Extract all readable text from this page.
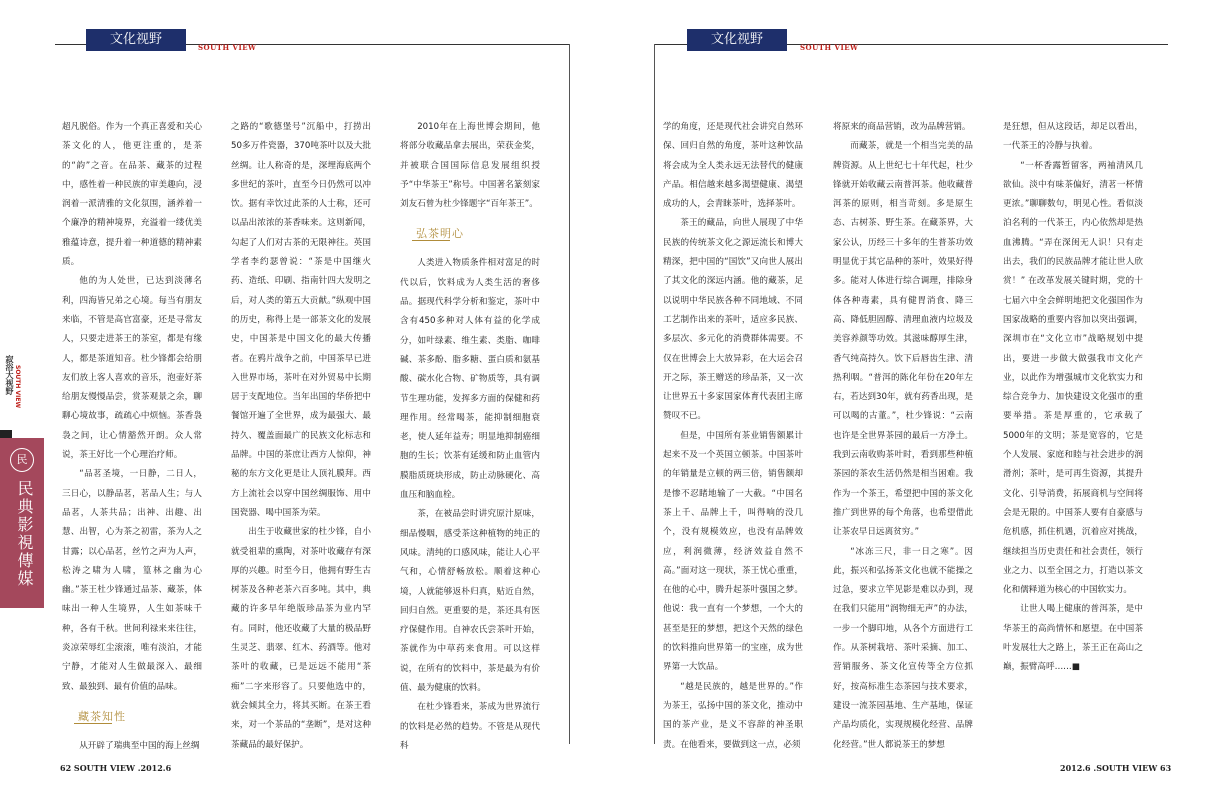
文化视野
SOUTH VIEW
寂浴大视野 SOUTH VIEW
民
民典影視傳媒

超凡脱俗。作为一个真正喜爱和关心茶文化的人，他更注重的，是茶的“韵”之音。在品茶、藏茶的过程中，感性着一种民族的审美趣向，浸润着一派清雅的文化氛围，涵养着一个廉净的精神境界，充溢着一缕优美雅蕴诗意，提升着一种道德的精神素质。

他的为人处世，已达到淡薄名利，四海皆兄弟之心境。每当有朋友来临，不管是高官富豪，还是寻常友人，只要走进茶王的茶室，都是有缘人，都是茶道知音。杜少锋都会给朋友们放上客人喜欢的音乐，泡壶好茶给朋友慢慢品尝，赏茶观景之余，聊聊心境故事，疏疏心中烦恼。茶香袅袅之间，让心情豁然开朗。众人常说，茶王好比一个心理治疗师。

“品茗圣境，一日静，二日人，三日心，以静品茗，茗品人生；与人品茗，人茶共品；出神、出趣、出慧、出智，心为茶之初雷，茶为人之甘露；以心品茗，丝竹之声为人声，松涛之啸为人啸，篁林之幽为心幽。”茶王杜少锋通过品茶、藏茶，体味出一种人生境界，人生如茶味千种，各有千秋。世间利禄来来往往，炎凉荣辱红尘滚滚，唯有淡泊，才能宁静，才能对人生做最深入、最细致、最独到、最有价值的品味。

藏茶知性

从开辟了瑞典至中国的海上丝绸

之路的“歌德堡号”沉船中，打捞出50多万件瓷器，370吨茶叶以及大批丝绸。让人称奇的是，深埋海底两个多世纪的茶叶，直至今日仍然可以冲饮。据有幸饮过此茶的人士称，还可以品出浓浓的茶香味来。这则新闻，勾起了人们对古茶的无限神往。英国学者李约瑟曾说：“茶是中国继火药、造纸、印刷、指南针四大发明之后，对人类的第五大贡献。”纵观中国的历史，称得上是一部茶文化的发展史，中国茶是中国文化的最大传播者。在鸦片战争之前，中国茶早已进入世界市场，茶叶在对外贸易中长期居于支配地位。当年出国的华侨把中餐馆开遍了全世界，成为最强大、最持久、覆盖面最广的民族文化标志和品牌。中国的茶庶让西方人惊仰，神秘的东方文化更是让人顶礼膜拜。西方上流社会以穿中国丝绸服饰、用中国瓷器、喝中国茶为荣。

出生于收藏世家的杜少锋，自小就受祖辈的熏陶，对茶叶收藏存有深厚的兴趣。时至今日，他拥有野生古树茶及各种老茶六百多吨。其中，典藏的许多早年绝版珍品茶为业内罕有。同时，他还收藏了大量的极品野生灵芝、翡翠、红木、药酒等。他对茶叶的收藏，已是远远不能用“茶痴”二字来形容了。只要他选中的，就会倾其全力，将其买断。在茶王看来，对一个茶品的“垄断”，是对这种茶藏品的最好保护。

2010年在上海世博会期间，他将部分收藏品拿去展出，荣获金奖，并被联合国国际信息发展组织授予“中华茶王”称号。中国著名篆刻家刘友石曾为杜少锋题字“百年茶王”。

弘茶明心

人类进入物质条件相对富足的时代以后，饮料成为人类生活的奢侈品。据现代科学分析和鉴定，茶叶中含有450多种对人体有益的化学成分，如叶绿素、维生素、类脂、咖啡碱、茶多酚、脂多糖、蛋白质和氨基酸、碳水化合物、矿物质等，具有调节生理功能，发挥多方面的保健和药理作用。经常喝茶，能抑制细胞衰老，使人延年益寿；明显地抑制癌细胞的生长；饮茶有延缓和防止血管内膜脂质斑块形成，防止动脉硬化、高血压和脑血栓。

茶，在被品尝时讲究原汁原味，细品慢咽，感受茶这种植物的纯正的风味。清纯的口感风味，能让人心平气和，心情舒畅放松。顺着这种心境，人就能够返朴归真，贴近自然，回归自然。更重要的是，茶还具有医疗保健作用。自神农氏尝茶叶开始，茶就作为中草药来食用。可以这样说，在所有的饮料中，茶是最为有价值、最为健康的饮料。

在杜少锋看来，茶成为世界流行的饮料是必然的趋势。不管是从现代科

62 SOUTH VIEW .2012.6
文化视野
SOUTH VIEW

学的角度，还是现代社会讲究自然环保、回归自然的角度，茶叶这种饮品将会成为全人类永远无法替代的健康产品。相信越来越多渴望健康、渴望成功的人，会青睐茶叶，选择茶叶。

茶王的藏品，向世人展现了中华民族的传统茶文化之源远流长和博大精深，把中国的“国饮”又向世人展出了其文化的深远内涵。他的藏茶，足以说明中华民族各种不同地域、不同工艺制作出来的茶叶，适应多民族、多层次、多元化的消费群体需要。不仅在世博会上大放异彩，在大运会召开之际，茶王赠送的珍品茶，又一次让世界五十多家国家体育代表团主席赞叹不已。

但是，中国所有茶业销售额累计起来不及一个英国立顿茶。中国茶叶的年销量是立顿的两三倍，销售额却是惨不忍睹地输了一大截。“中国名茶上千、品牌上千，叫得响的没几个，没有规模效应，也没有品牌效应，利润微薄，经济效益自然不高。”面对这一现状，茶王忧心重重，在他的心中，腾升起茶叶强国之梦。他说：我一直有一个梦想，一个大的甚至是狂的梦想，把这个天然的绿色的饮料推向世界第一的宝座，成为世界第一大饮品。

“越是民族的，越是世界的。”作为茶王，弘扬中国的茶文化，推动中国的茶产业，是义不容辞的神圣职责。在他看来，要做到这一点，必须

将原来的商品营销，改为品牌营销。

而藏茶，就是一个相当完美的品牌资源。从上世纪七十年代起，杜少锋就开始收藏云南普洱茶。他收藏普洱茶的原则，相当苛刻。多是原生态、古树茶、野生茶。在藏茶界，大家公认，历经三十多年的生普茶功效明显优于其它品种的茶叶，效果好得多。能对人体进行综合调理，排除身体各种毒素，具有健胃消食、降三高、降低胆固醇、清理血液内垃圾及美容养颜等功效。其滋味醇厚生津，香气纯高持久。饮下后唇齿生津、清热利咽。“普洱的陈化年份在20年左右，若达到30年，就有药香出现，是可以喝的古董。”，杜少锋说：“云南也许是全世界茶园的最后一方净土。我到云南收购茶叶时，看到那些种植茶园的茶农生活仍然是相当困难。我作为一个茶王，希望把中国的茶文化推广到世界的每个角落，也希望借此让茶农早日远离贫穷。”

“冰冻三尺，非一日之寒”。因此，振兴和弘扬茶文化也就不能操之过急，要求立竿见影是难以办到，现在我们只能用“润物细无声”的办法，一步一个脚印地，从各个方面进行工作。从茶树栽培、茶叶采摘、加工、营销服务、茶文化宣传等全方位抓好，按高标准生态茶园与技术要求，建设一流茶园基地、生产基地，保证产品均质化，实现规模化经营、品牌化经营。”世人都说茶王的梦想

是狂想，但从这段话，却足以看出，一代茶王的冷静与执着。

“一杯香露暂留客，两袖清风几欲仙。淡中有味茶偏好，清茗一杯情更浓。”聊聊数句，明见心性。看似淡泊名利的一代茶王，内心依然却是热血沸腾。“弄在深闺无人识！只有走出去，我们的民族品牌才能让世人欣赏！” 在改革发展关键时期，党的十七届六中全会鲜明地把文化强国作为国家战略的重要内容加以突出强调，深圳市在“文化立市”战略规划中提出，要进一步做大做强我市文化产业，以此作为增强城市文化软实力和综合竞争力、加快建设文化强市的重要举措。茶是厚重的，它承载了5000年的文明；茶是宽容的，它是个人发展、家庭和睦与社会进步的润滑剂；茶叶，是可再生资源，其提升文化、引导消费，拓展商机与空间将会是无限的。中国茶人要有自豪感与危机感，抓住机遇，沉着应对挑战，继续担当历史责任和社会责任，领行业之力、以至全国之力，打造以茶文化和儒释道为核心的中国软实力。

让世人喝上健康的普洱茶，是中华茶王的高尚情怀和愿望。在中国茶叶发展壮大之路上，茶王正在高山之巅，振臂高呼……■

2012.6 .SOUTH VIEW 63
